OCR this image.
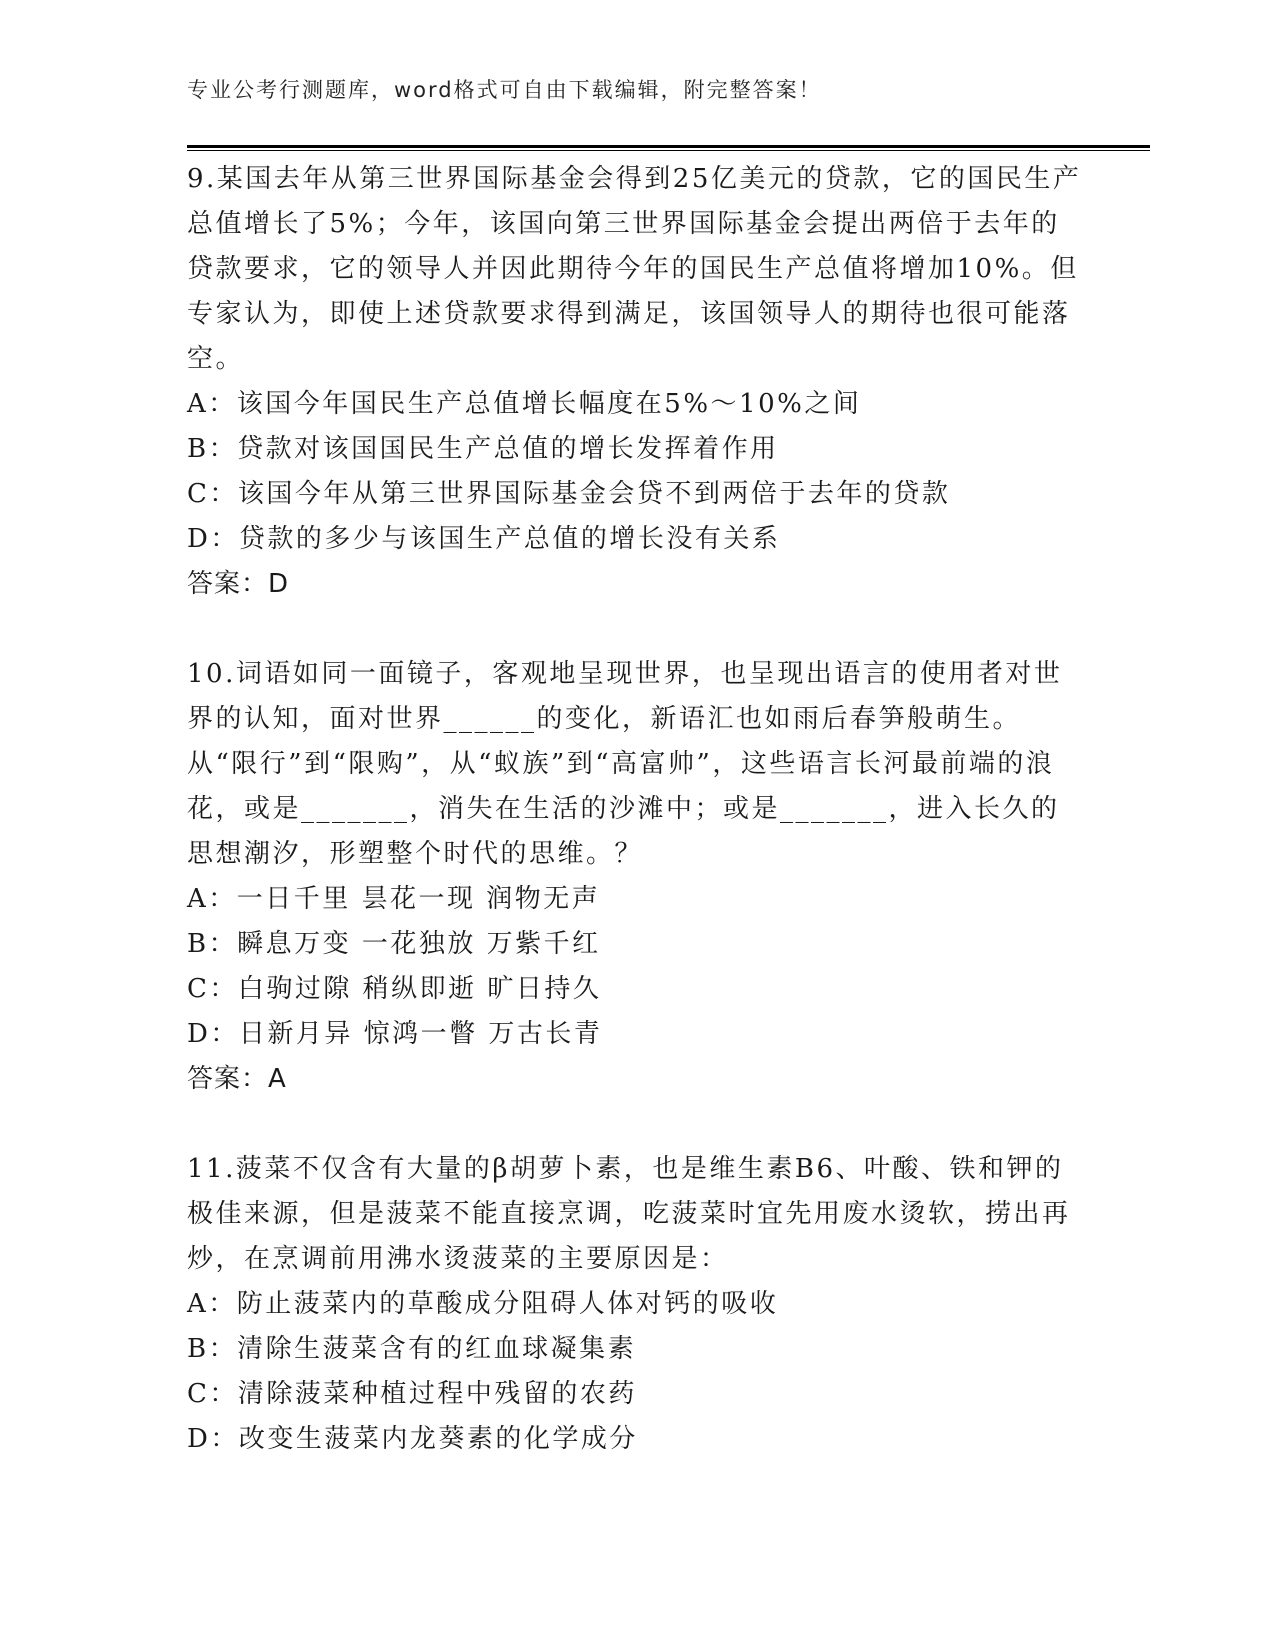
专业公考行测题库，word格式可自由下载编辑，附完整答案！

9.某国去年从第三世界国际基金会得到25亿美元的贷款，它的国民生产总值增长了5%；今年，该国向第三世界国际基金会提出两倍于去年的贷款要求，它的领导人并因此期待今年的国民生产总值将增加10%。但专家认为，即使上述贷款要求得到满足，该国领导人的期待也很可能落空。

A：该国今年国民生产总值增长幅度在5%～10%之间

B：贷款对该国国民生产总值的增长发挥着作用

C：该国今年从第三世界国际基金会贷不到两倍于去年的贷款

D：贷款的多少与该国生产总值的增长没有关系

答案：D

10.词语如同一面镜子，客观地呈现世界，也呈现出语言的使用者对世界的认知，面对世界______的变化，新语汇也如雨后春笋般萌生。从“限行”到“限购”，从“蚁族”到“高富帅”，这些语言长河最前端的浪花，或是_______，消失在生活的沙滩中；或是_______，进入长久的思想潮汐，形塑整个时代的思维。？

A：一日千里 昙花一现 润物无声

B：瞬息万变 一花独放 万紫千红

C：白驹过隙 稍纵即逝 旷日持久

D：日新月异 惊鸿一瞥 万古长青

答案：A

11.菠菜不仅含有大量的β胡萝卜素，也是维生素B6、叶酸、铁和钾的极佳来源，但是菠菜不能直接烹调，吃菠菜时宜先用废水烫软，捞出再炒，在烹调前用沸水烫菠菜的主要原因是：

A：防止菠菜内的草酸成分阻碍人体对钙的吸收

B：清除生菠菜含有的红血球凝集素

C：清除菠菜种植过程中残留的农药

D：改变生菠菜内龙葵素的化学成分
